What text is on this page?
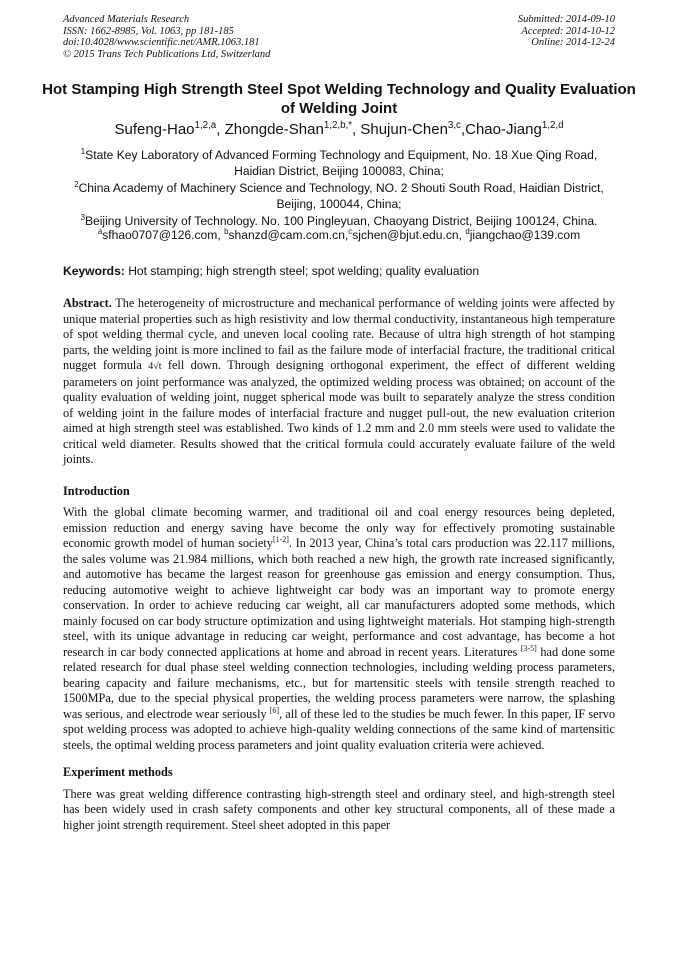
Advanced Materials Research
ISSN: 1662-8985, Vol. 1063, pp 181-185
doi:10.4028/www.scientific.net/AMR.1063.181
© 2015 Trans Tech Publications Ltd, Switzerland
Submitted: 2014-09-10
Accepted: 2014-10-12
Online: 2014-12-24
Hot Stamping High Strength Steel Spot Welding Technology and Quality Evaluation of Welding Joint
Sufeng-Hao$^{1,2,a}$, Zhongde-Shan$^{1,2,b,*}$, Shujun-Chen$^{3,c}$,Chao-Jiang$^{1,2,d}$
$^1$State Key Laboratory of Advanced Forming Technology and Equipment, No. 18 Xue Qing Road, Haidian District, Beijing 100083, China;
$^2$China Academy of Machinery Science and Technology, NO. 2 Shouti South Road, Haidian District, Beijing, 100044, China;
$^3$Beijing University of Technology. No. 100 Pingleyuan, Chaoyang District, Beijing 100124, China.
$^a$sfhao0707@126.com, $^b$shanzd@cam.com.cn,$^c$sjchen@bjut.edu.cn, $^d$jiangchao@139.com
Keywords: Hot stamping; high strength steel; spot welding; quality evaluation

Abstract. The heterogeneity of microstructure and mechanical performance of welding joints were affected by unique material properties such as high resistivity and low thermal conductivity, instantaneous high temperature of spot welding thermal cycle, and uneven local cooling rate. Because of ultra high strength of hot stamping parts, the welding joint is more inclined to fail as the failure mode of interfacial fracture, the traditional critical nugget formula 4√t fell down. Through designing orthogonal experiment, the effect of different welding parameters on joint performance was analyzed, the optimized welding process was obtained; on account of the quality evaluation of welding joint, nugget spherical mode was built to separately analyze the stress condition of welding joint in the failure modes of interfacial fracture and nugget pull-out, the new evaluation criterion aimed at high strength steel was established. Two kinds of 1.2 mm and 2.0 mm steels were used to validate the critical weld diameter. Results showed that the critical formula could accurately evaluate failure of the weld joints.

Introduction

With the global climate becoming warmer, and traditional oil and coal energy resources being depleted, emission reduction and energy saving have become the only way for effectively promoting sustainable economic growth model of human society[1-2]. In 2013 year, China’s total cars production was 22.117 millions, the sales volume was 21.984 millions, which both reached a new high, the growth rate increased significantly, and automotive has became the largest reason for greenhouse gas emission and energy consumption. Thus, reducing automotive weight to achieve lightweight car body was an important way to promote energy conservation. In order to achieve reducing car weight, all car manufacturers adopted some methods, which mainly focused on car body structure optimization and using lightweight materials. Hot stamping high-strength steel, with its unique advantage in reducing car weight, performance and cost advantage, has become a hot research in car body connected applications at home and abroad in recent years. Literatures [3-5] had done some related research for dual phase steel welding connection technologies, including welding process parameters, bearing capacity and failure mechanisms, etc., but for martensitic steels with tensile strength reached to 1500MPa, due to the special physical properties, the welding process parameters were narrow, the splashing was serious, and electrode wear seriously [6], all of these led to the studies be much fewer. In this paper, IF servo spot welding process was adopted to achieve high-quality welding connections of the same kind of martensitic steels, the optimal welding process parameters and joint quality evaluation criteria were achieved.

Experiment methods

There was great welding difference contrasting high-strength steel and ordinary steel, and high-strength steel has been widely used in crash safety components and other key structural components, all of these made a higher joint strength requirement. Steel sheet adopted in this paper
